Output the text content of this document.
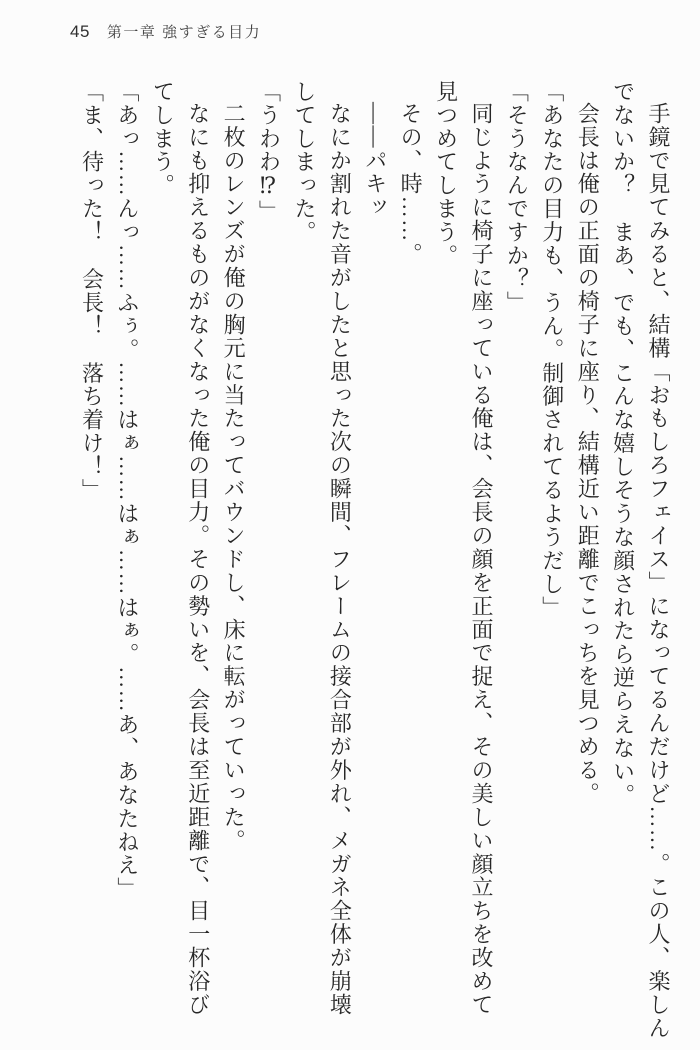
45 第一章 強すぎる目力

手鏡で見てみると、結構「おもしろフェイス」になってるんだけど……。この人、楽しん

でないか？　まあ、でも、こんな嬉しそうな顔されたら逆らえない。

会長は俺の正面の椅子に座り、結構近い距離でこっちを見つめる。

「あなたの目力も、うん。制御されてるようだし」

「そうなんですか？」

同じように椅子に座っている俺は、会長の顔を正面で捉え、その美しい顔立ちを改めて

見つめてしまう。

その、時……。

――パキッ

なにか割れた音がしたと思った次の瞬間、フレームの接合部が外れ、メガネ全体が崩壊

してしまった。

「うわわ⁉」

二枚のレンズが俺の胸元に当たってバウンドし、床に転がっていった。

なにも抑えるものがなくなった俺の目力。その勢いを、会長は至近距離で、目一杯浴び

てしまう。

「あっ……んっ……ふぅ。……はぁ……はぁ……はぁ。……あ、あなたねえ」

「ま、待った！　会長！　落ち着け！」
